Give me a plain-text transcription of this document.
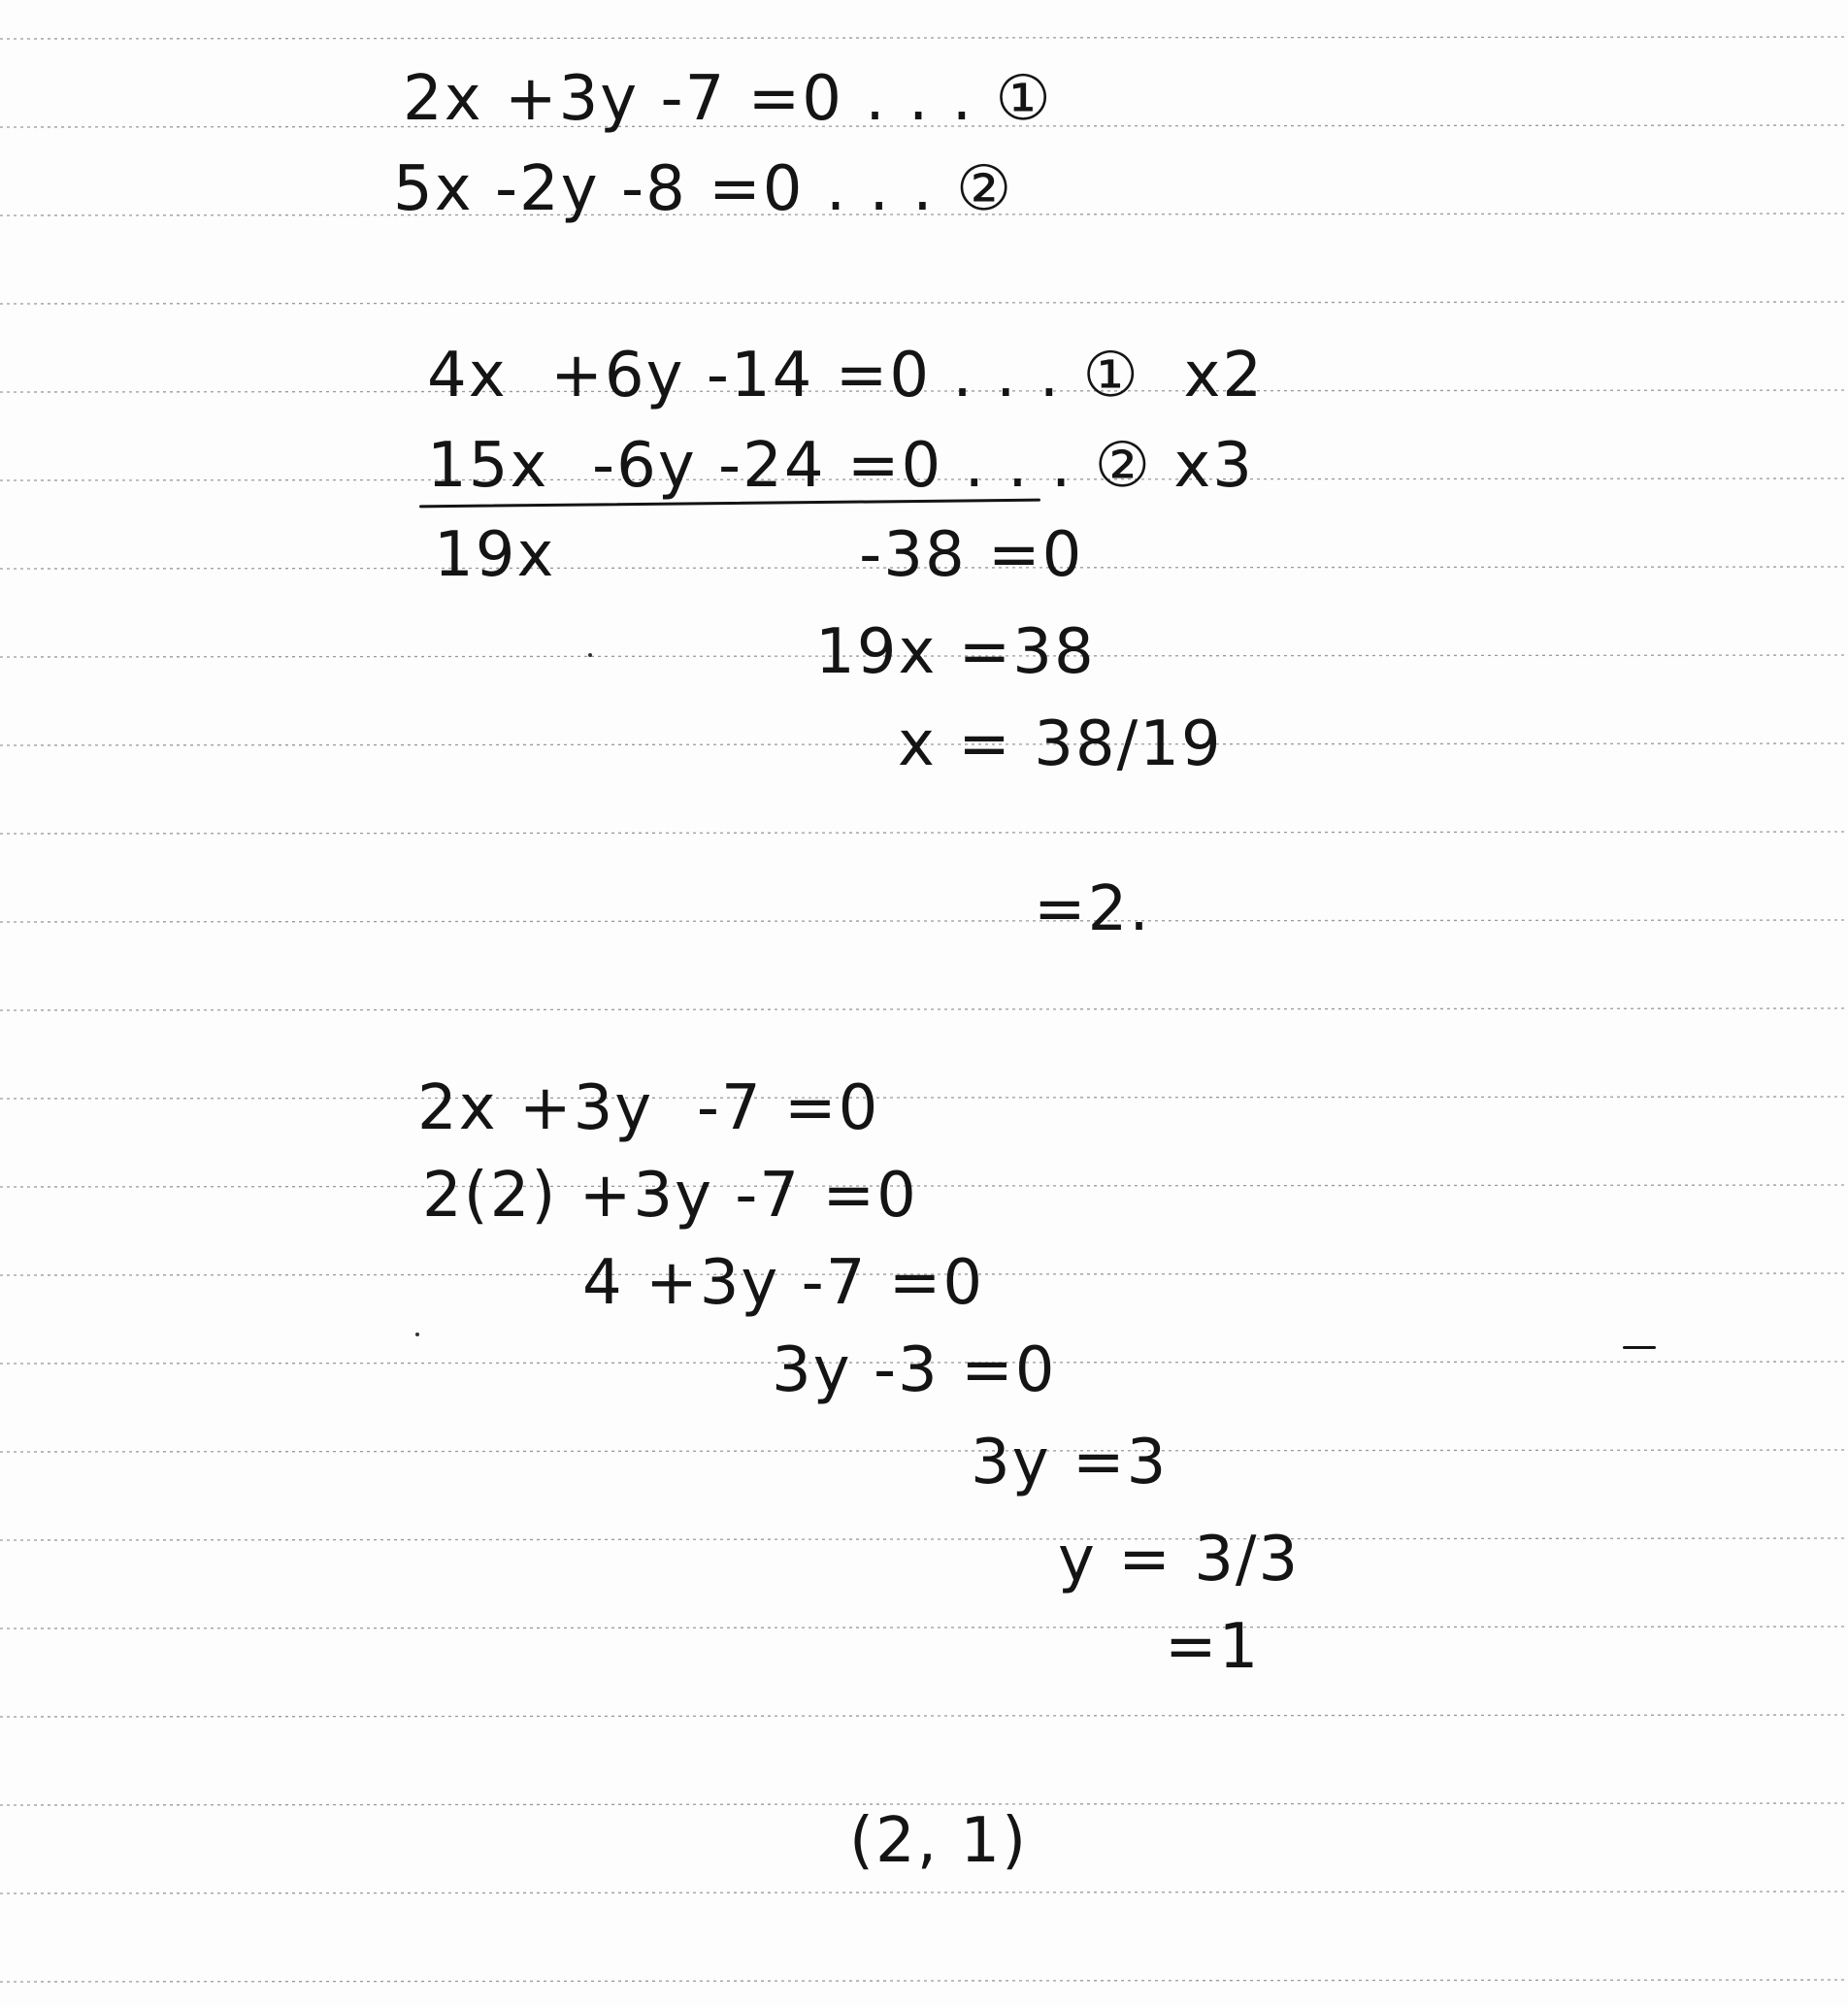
2x +3y -7 =0 . . . ①
5x -2y -8 =0 . . . ②
4x  +6y -14 =0 . . . ①  x2
15x  -6y -24 =0 . . . ② x3
19x              -38 =0
19x =38
x = 38/19
=2.
2x +3y  -7 =0
2(2) +3y -7 =0
4 +3y -7 =0
3y -3 =0
3y =3
y = 3/3
=1
(2, 1)
